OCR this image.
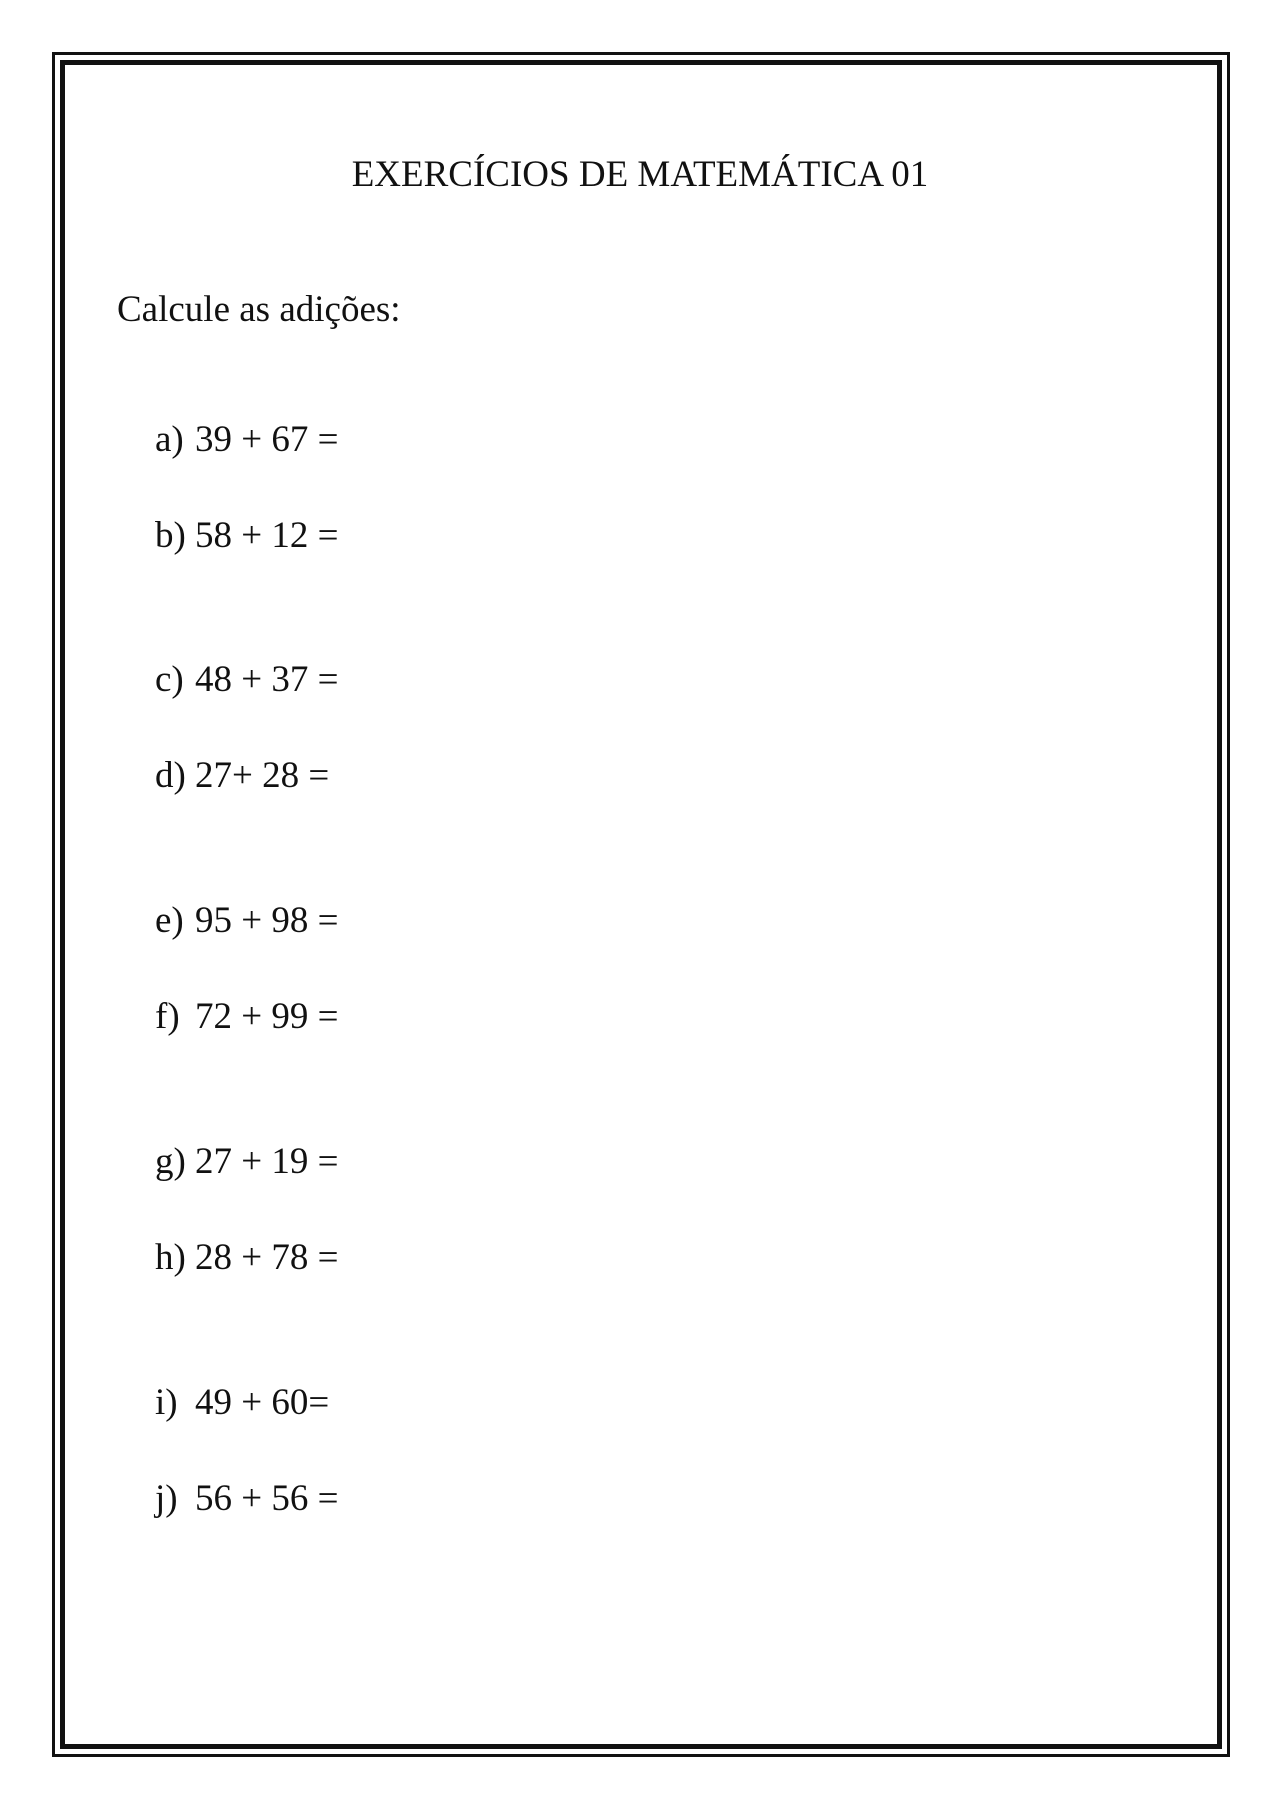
EXERCÍCIOS DE MATEMÁTICA 01
Calcule as adições:
a) 39 + 67 =
b) 58 + 12 =
c) 48 + 37 =
d) 27+ 28 =
e) 95 + 98 =
f) 72 + 99 =
g) 27 + 19 =
h) 28 + 78 =
i) 49 + 60=
j) 56 + 56 =
